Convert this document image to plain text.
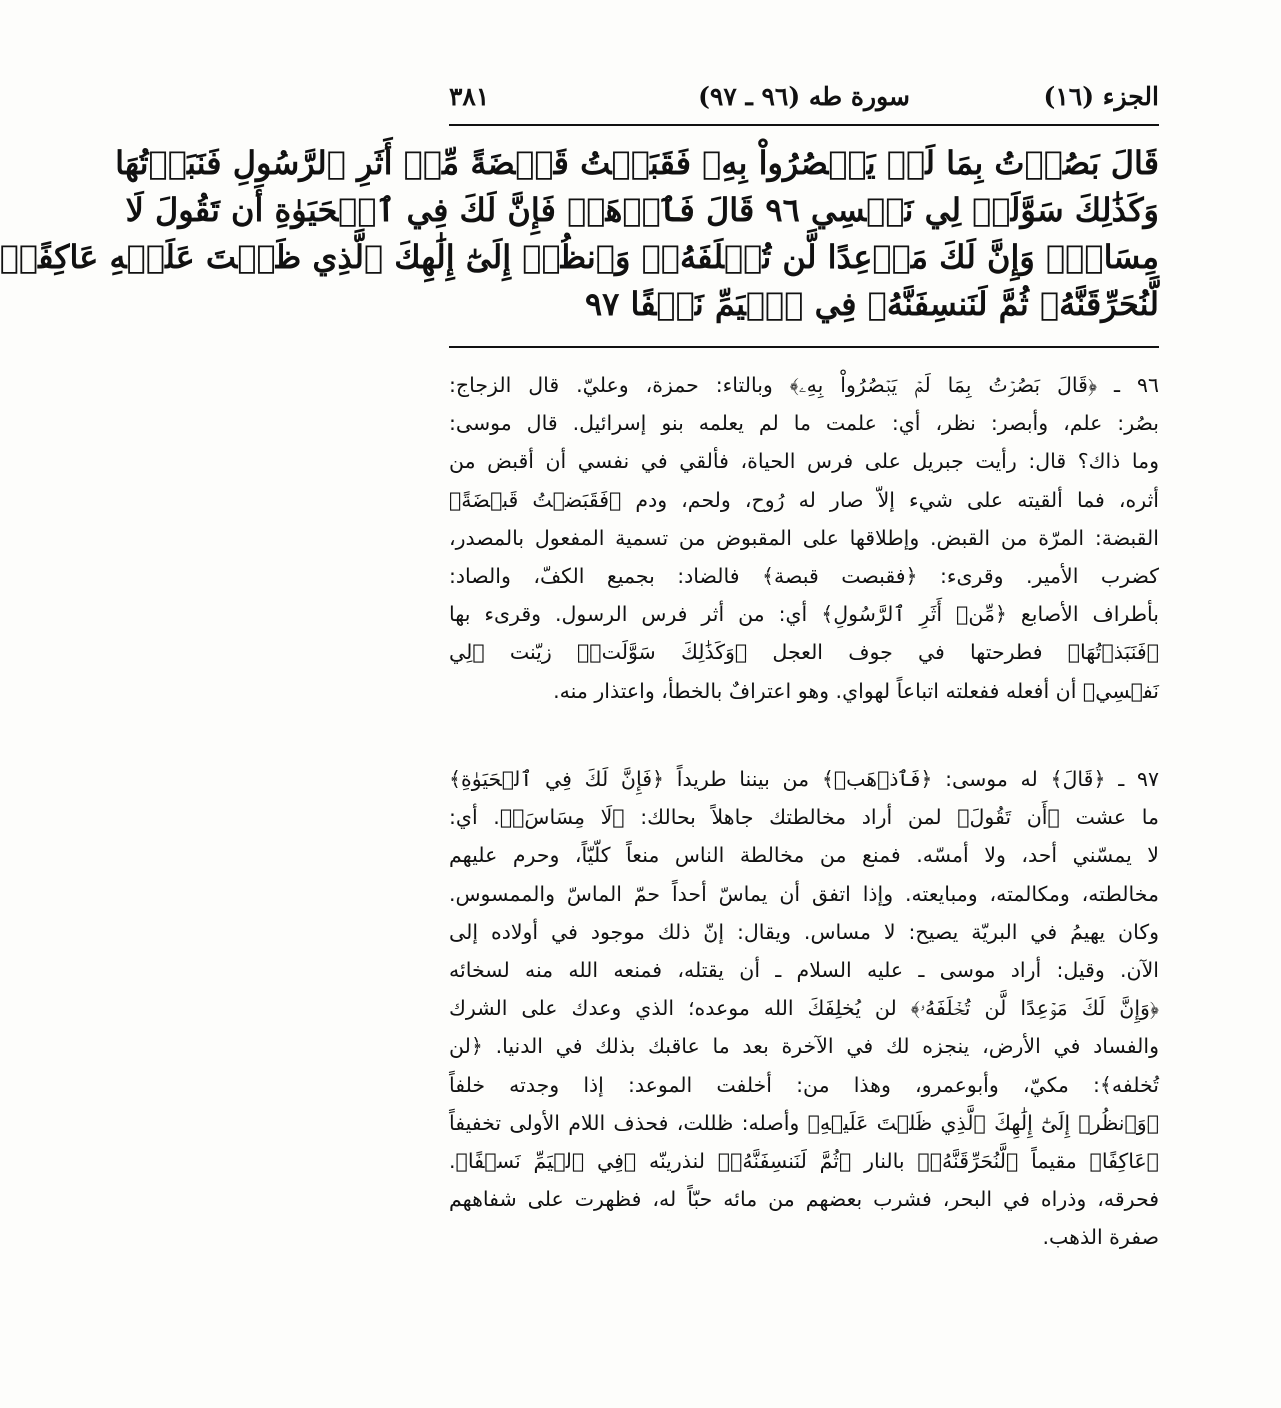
الجزء (١٦)
سورة طه (٩٦ ـ ٩٧)
٣٨١
قَالَ بَصُرۡتُ بِمَا لَمۡ يَبۡصُرُواْ بِهِۦ فَقَبَضۡتُ قَبۡضَةً مِّنۡ أَثَرِ ٱلرَّسُولِ فَنَبَذۡتُهَا
وَكَذَٰلِكَ سَوَّلَتۡ لِي نَفۡسِي ٩٦ قَالَ فَٱذۡهَبۡ فَإِنَّ لَكَ فِي ٱلۡحَيَوٰةِ أَن تَقُولَ لَا
مِسَاسَۖ وَإِنَّ لَكَ مَوۡعِدًا لَّن تُخۡلَفَهُۥۖ وَٱنظُرۡ إِلَىٰٓ إِلَٰهِكَ ٱلَّذِي ظَلۡتَ عَلَيۡهِ عَاكِفًاۖ
لَّنُحَرِّقَنَّهُۥ ثُمَّ لَنَنسِفَنَّهُۥ فِي ٱلۡيَمِّ نَسۡفًا ٩٧
٩٦ ـ ﴿قَالَ بَصُرۡتُ بِمَا لَمۡ يَبۡصُرُواْ بِهِۦ﴾ وبالتاء: حمزة، وعليّ. قال الزجاج:
بصُر: علم، وأبصر: نظر، أي: علمت ما لم يعلمه بنو إسرائيل. قال موسى:
وما ذاك؟ قال: رأيت جبريل على فرس الحياة، فألقي في نفسي أن أقبض من
أثره، فما ألقيته على شيء إلاّ صار له رُوح، ولحم، ودم ﴿فَقَبَضۡتُ قَبۡضَةً﴾
القبضة: المرّة من القبض. وإطلاقها على المقبوض من تسمية المفعول بالمصدر،
كضرب الأمير. وقرىء: ﴿فقبصت قبصة﴾ فالضاد: بجميع الكفّ، والصاد:
بأطراف الأصابع ﴿مِّنۡ أَثَرِ ٱلرَّسُولِ﴾ أي: من أثر فرس الرسول. وقرىء بها
﴿فَنَبَذۡتُهَا﴾ فطرحتها في جوف العجل ﴿وَكَذَٰلِكَ سَوَّلَتۡ﴾ زيّنت ﴿لِي
نَفۡسِي﴾ أن أفعله ففعلته اتباعاً لهواي. وهو اعترافٌ بالخطأ، واعتذار منه.
٩٧ ـ ﴿قَالَ﴾ له موسى: ﴿فَٱذۡهَبۡ﴾ من بيننا طريداً ﴿فَإِنَّ لَكَ فِي ٱلۡحَيَوٰةِ﴾
ما عشت ﴿أَن تَقُولَ﴾ لمن أراد مخالطتك جاهلاً بحالك: ﴿لَا مِسَاسَۖ﴾. أي:
لا يمسّني أحد، ولا أمسّه. فمنع من مخالطة الناس منعاً كلّيّاً، وحرم عليهم
مخالطته، ومكالمته، ومبايعته. وإذا اتفق أن يماسّ أحداً حمّ الماسّ والممسوس.
وكان يهيمُ في البريّة يصيح: لا مساس. ويقال: إنّ ذلك موجود في أولاده إلى
الآن. وقيل: أراد موسى ـ عليه السلام ـ أن يقتله، فمنعه الله منه لسخائه
﴿وَإِنَّ لَكَ مَوۡعِدًا لَّن تُخۡلَفَهُۥ﴾ لن يُخلِفَكَ الله موعده؛ الذي وعدك على الشرك
والفساد في الأرض، ينجزه لك في الآخرة بعد ما عاقبك بذلك في الدنيا. ﴿لن
تُخلفه﴾: مكيّ، وأبوعمرو، وهذا من: أخلفت الموعد: إذا وجدته خلفاً
﴿وَٱنظُرۡ إِلَىٰٓ إِلَٰهِكَ ٱلَّذِي ظَلۡتَ عَلَيۡهِ﴾ وأصله: ظللت، فحذف اللام الأولى تخفيفاً
﴿عَاكِفًا﴾ مقيماً ﴿لَّنُحَرِّقَنَّهُۥ﴾ بالنار ﴿ثُمَّ لَنَنسِفَنَّهُۥ﴾ لنذرينّه ﴿فِي ٱلۡيَمِّ نَسۡفًا﴾.
فحرقه، وذراه في البحر، فشرب بعضهم من مائه حبّاً له، فظهرت على شفاههم
صفرة الذهب.
